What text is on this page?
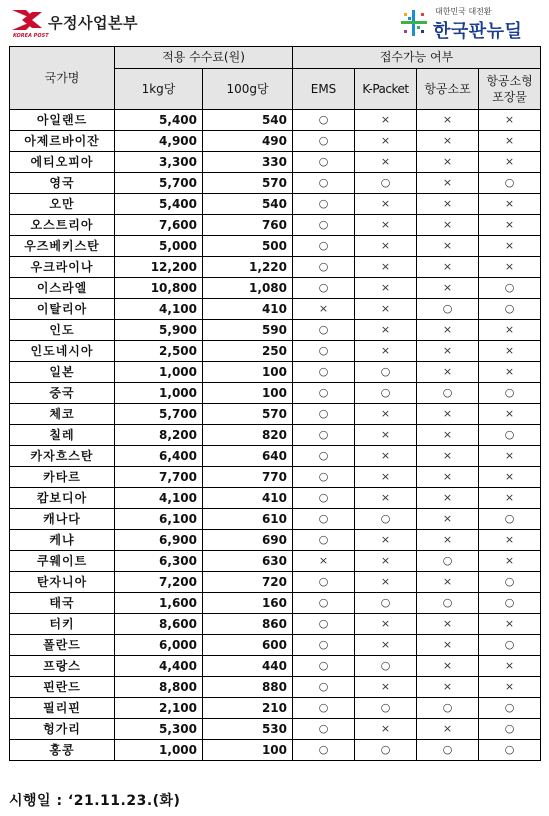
우정사업본부
KOREA POST
대한민국 대전환
한국판뉴딜
국가명	적용 수수료(원)		접수가능 여부			
	1kg당	100g당	EMS	K-Packet	항공소포	항공소형 포장물
아일랜드	5,400	540	○	×	×	×
아제르바이잔	4,900	490	○	×	×	×
에티오피아	3,300	330	○	×	×	×
영국	5,700	570	○	○	×	○
오만	5,400	540	○	×	×	×
오스트리아	7,600	760	○	×	×	×
우즈베키스탄	5,000	500	○	×	×	×
우크라이나	12,200	1,220	○	×	×	×
이스라엘	10,800	1,080	○	×	×	○
이탈리아	4,100	410	×	×	○	○
인도	5,900	590	○	×	×	×
인도네시아	2,500	250	○	×	×	×
일본	1,000	100	○	○	×	×
중국	1,000	100	○	○	○	○
체코	5,700	570	○	×	×	×
칠레	8,200	820	○	×	×	○
카자흐스탄	6,400	640	○	×	×	×
카타르	7,700	770	○	×	×	×
캄보디아	4,100	410	○	×	×	×
캐나다	6,100	610	○	○	×	○
케냐	6,900	690	○	×	×	×
쿠웨이트	6,300	630	×	×	○	×
탄자니아	7,200	720	○	×	×	○
태국	1,600	160	○	○	○	○
터키	8,600	860	○	×	×	×
폴란드	6,000	600	○	×	×	○
프랑스	4,400	440	○	○	×	×
핀란드	8,800	880	○	×	×	×
필리핀	2,100	210	○	○	○	○
헝가리	5,300	530	○	×	×	○
홍콩	1,000	100	○	○	○	○
시행일 : ‘21.11.23.(화)
